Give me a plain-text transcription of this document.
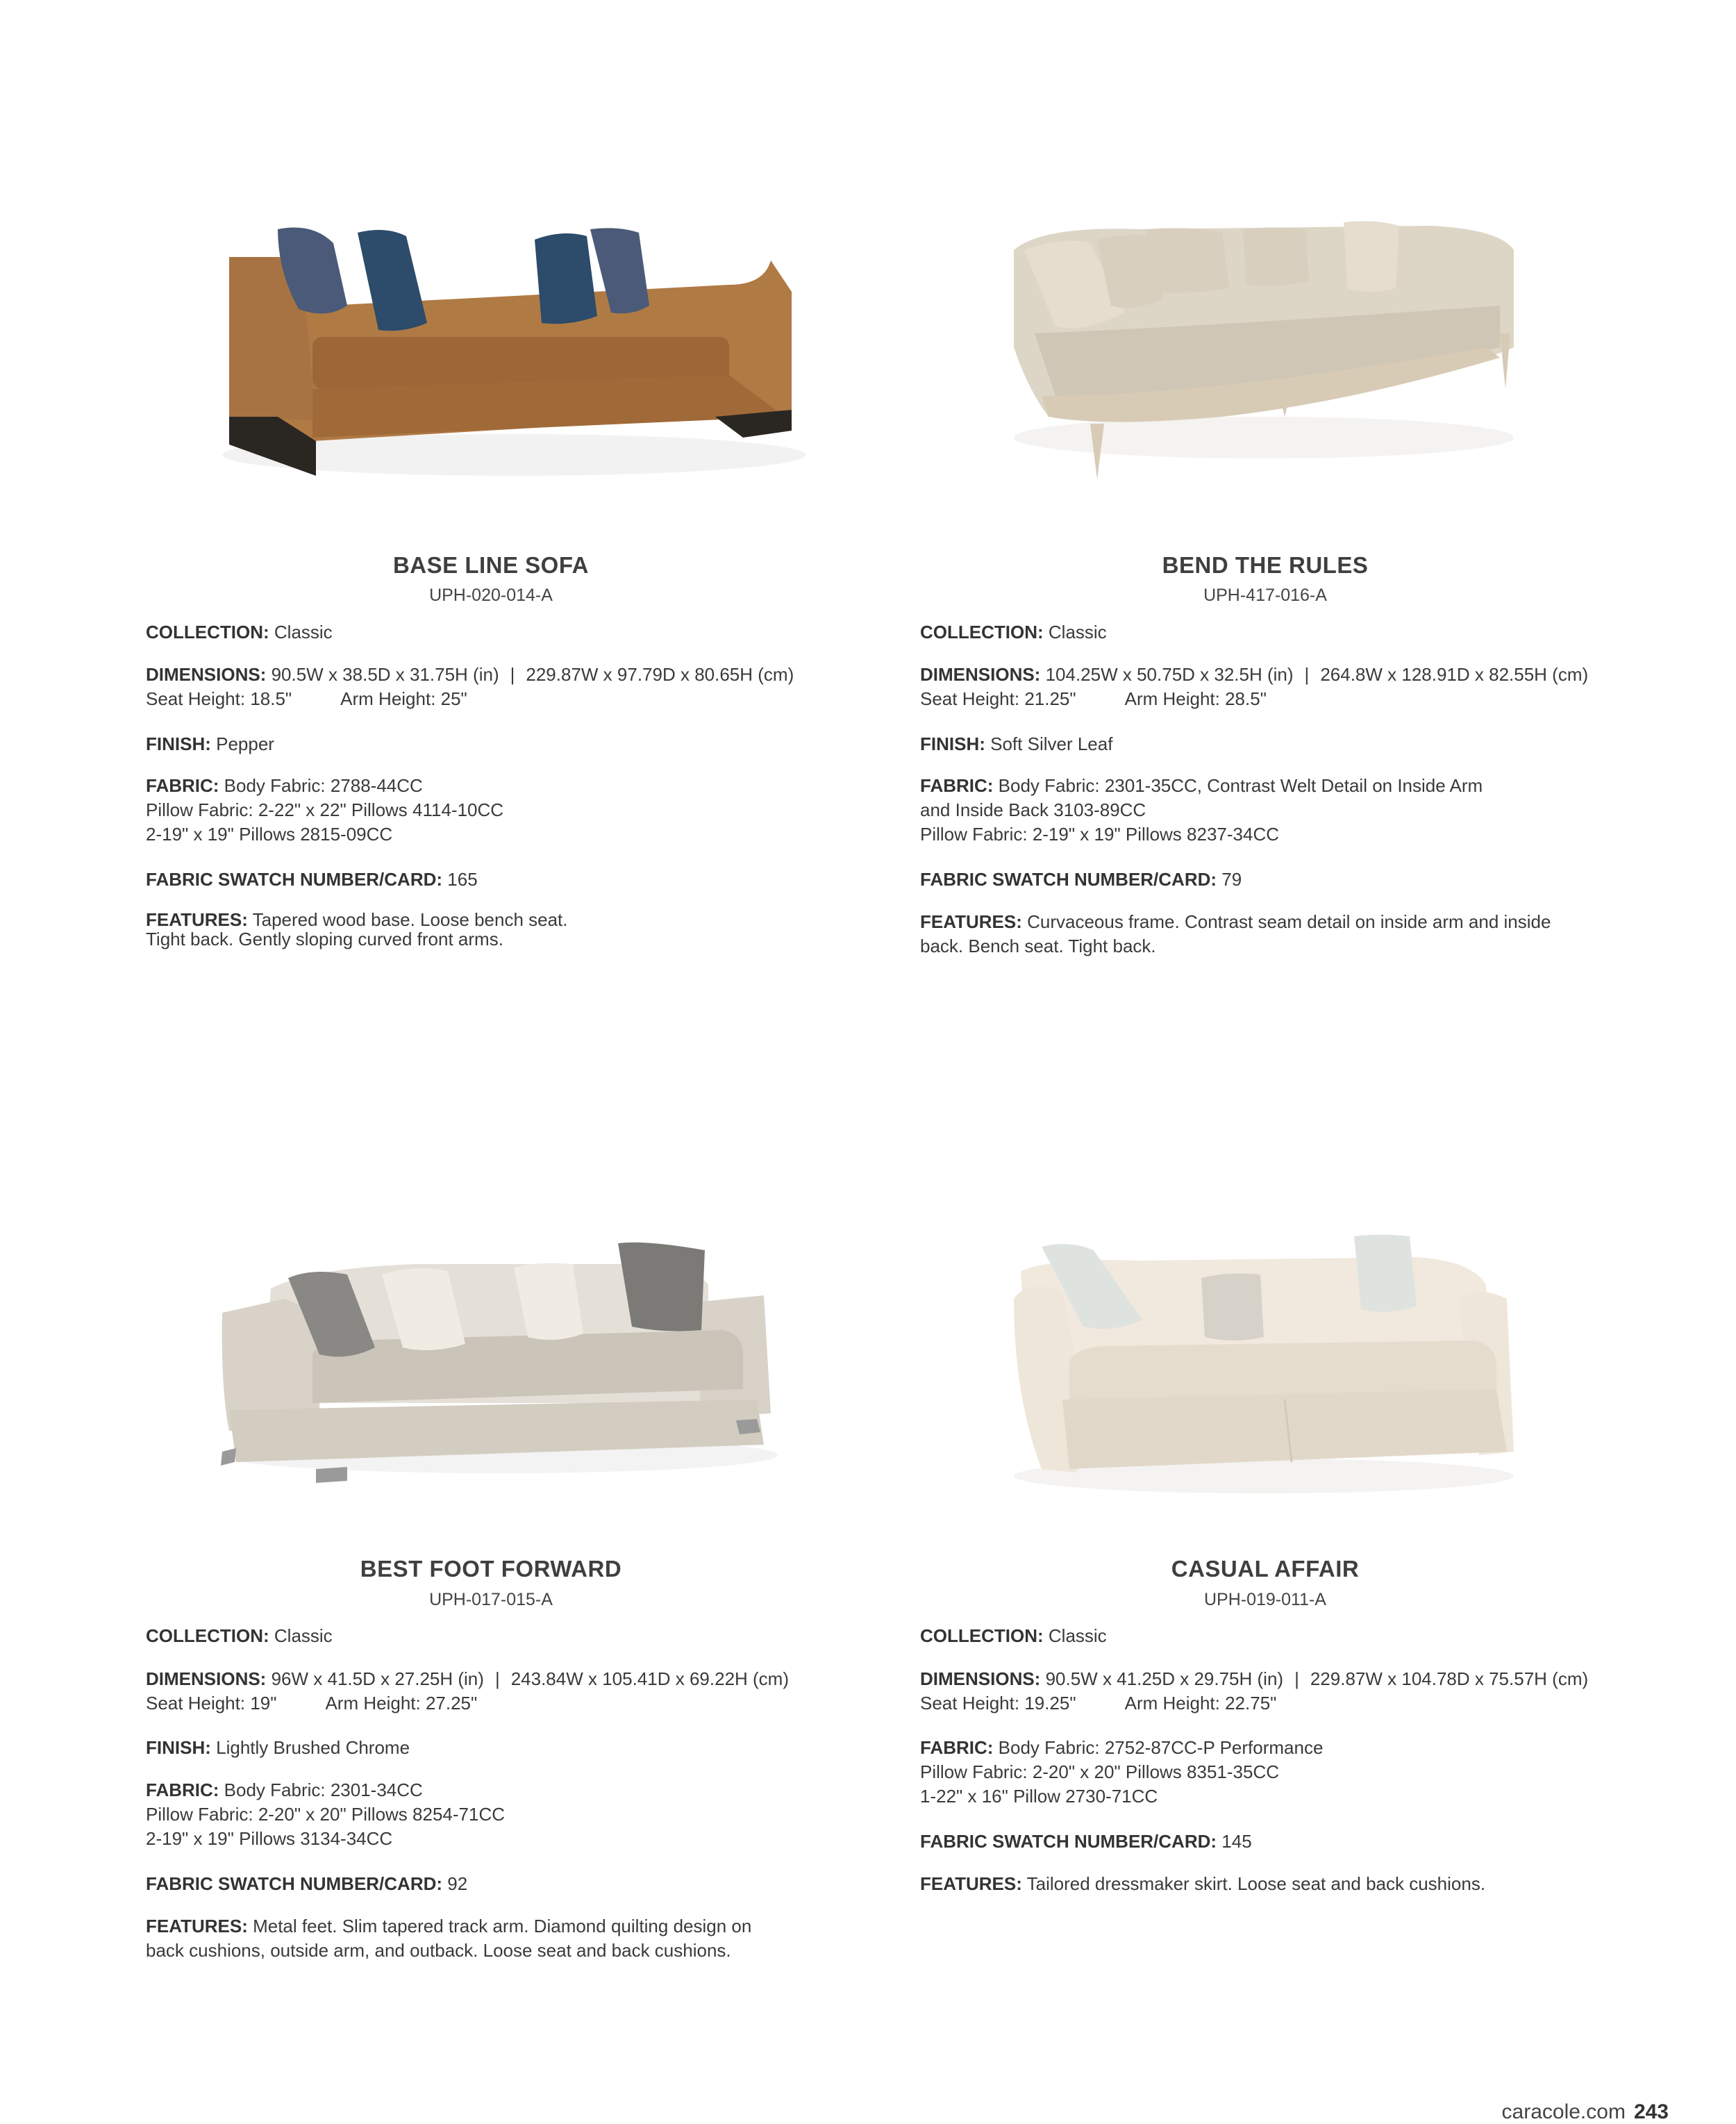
BASE LINE SOFA
UPH-020-014-A
COLLECTION: Classic
DIMENSIONS: 90.5W x 38.5D x 31.75H (in) | 229.87W x 97.79D x 80.65H (cm)
Seat Height: 18.5"	Arm Height: 25"
FINISH: Pepper
FABRIC: Body Fabric: 2788-44CC
Pillow Fabric: 2-22" x 22" Pillows 4114-10CC
2-19" x 19" Pillows 2815-09CC
FABRIC SWATCH NUMBER/CARD: 165
FEATURES: Tapered wood base. Loose bench seat.
Tight back. Gently sloping curved front arms.
BEND THE RULES
UPH-417-016-A
COLLECTION: Classic
DIMENSIONS: 104.25W x 50.75D x 32.5H (in) | 264.8W x 128.91D x 82.55H (cm)
Seat Height: 21.25"	Arm Height: 28.5"
FINISH: Soft Silver Leaf
FABRIC: Body Fabric: 2301-35CC, Contrast Welt Detail on Inside Arm
and Inside Back 3103-89CC
Pillow Fabric: 2-19" x 19" Pillows 8237-34CC
FABRIC SWATCH NUMBER/CARD: 79
FEATURES: Curvaceous frame. Contrast seam detail on inside arm and inside
back. Bench seat. Tight back.
BEST FOOT FORWARD
UPH-017-015-A
COLLECTION: Classic
DIMENSIONS: 96W x 41.5D x 27.25H (in) | 243.84W x 105.41D x 69.22H (cm)
Seat Height: 19"	Arm Height: 27.25"
FINISH: Lightly Brushed Chrome
FABRIC: Body Fabric: 2301-34CC
Pillow Fabric: 2-20" x 20" Pillows 8254-71CC
2-19" x 19" Pillows 3134-34CC
FABRIC SWATCH NUMBER/CARD: 92
FEATURES: Metal feet. Slim tapered track arm. Diamond quilting design on
back cushions, outside arm, and outback. Loose seat and back cushions.
CASUAL AFFAIR
UPH-019-011-A
COLLECTION: Classic
DIMENSIONS: 90.5W x 41.25D x 29.75H (in) | 229.87W x 104.78D x 75.57H (cm)
Seat Height: 19.25"	Arm Height: 22.75"
FABRIC: Body Fabric: 2752-87CC-P Performance
Pillow Fabric: 2-20" x 20" Pillows 8351-35CC
1-22" x 16" Pillow 2730-71CC
FABRIC SWATCH NUMBER/CARD: 145
FEATURES: Tailored dressmaker skirt. Loose seat and back cushions.
caracole.com 243
